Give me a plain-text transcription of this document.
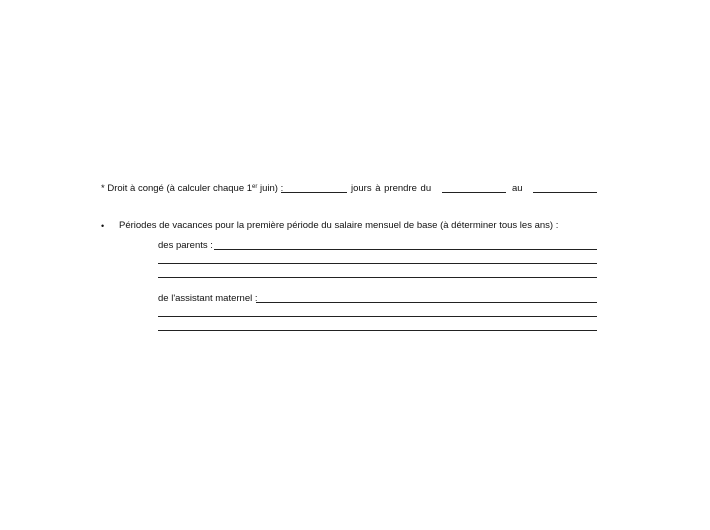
* Droit à congé (à calculer chaque 1er juin) :	jours à prendre du	au
• Périodes de vacances pour la première période du salaire mensuel de base (à déterminer tous les ans) :
des parents :
de l'assistant maternel :
